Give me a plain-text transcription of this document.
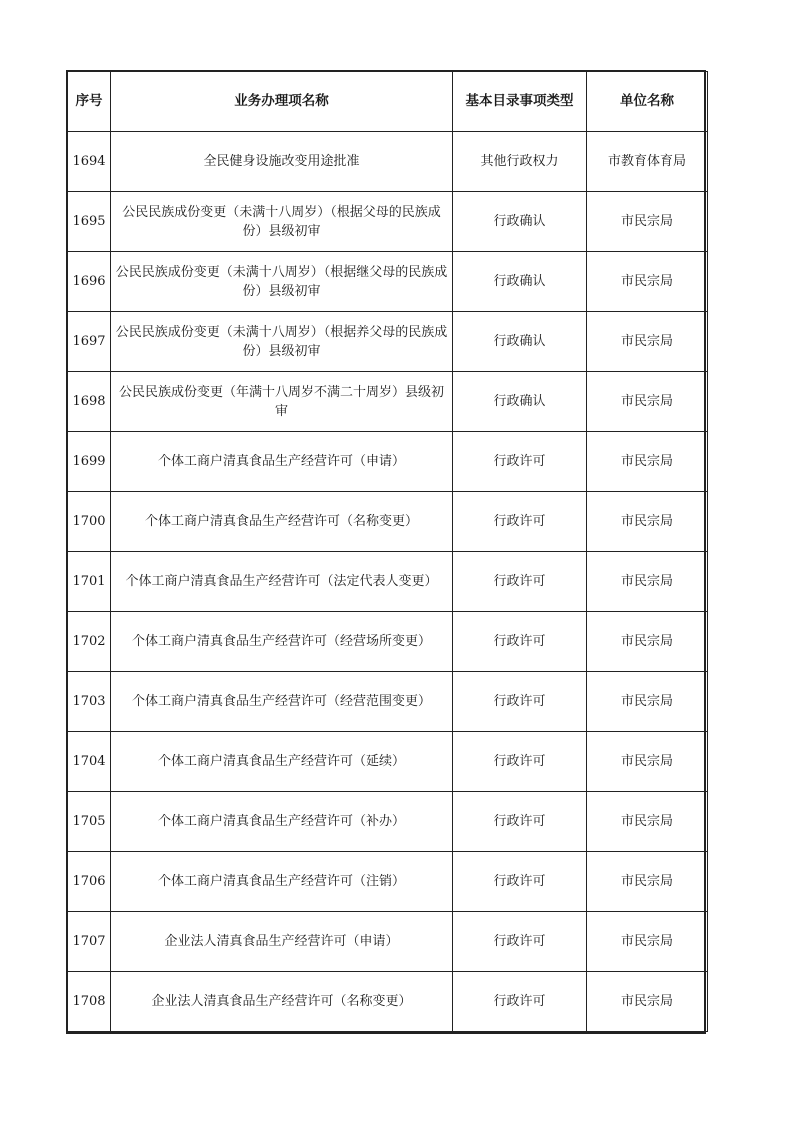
序号	业务办理项名称	基本目录事项类型	单位名称
1694	全民健身设施改变用途批准	其他行政权力	市教育体育局
1695	公民民族成份变更（未满十八周岁）（根据父母的民族成份）县级初审	行政确认	市民宗局
1696	公民民族成份变更（未满十八周岁）（根据继父母的民族成份）县级初审	行政确认	市民宗局
1697	公民民族成份变更（未满十八周岁）（根据养父母的民族成份）县级初审	行政确认	市民宗局
1698	公民民族成份变更（年满十八周岁不满二十周岁）县级初审	行政确认	市民宗局
1699	个体工商户清真食品生产经营许可（申请）	行政许可	市民宗局
1700	个体工商户清真食品生产经营许可（名称变更）	行政许可	市民宗局
1701	个体工商户清真食品生产经营许可（法定代表人变更）	行政许可	市民宗局
1702	个体工商户清真食品生产经营许可（经营场所变更）	行政许可	市民宗局
1703	个体工商户清真食品生产经营许可（经营范围变更）	行政许可	市民宗局
1704	个体工商户清真食品生产经营许可（延续）	行政许可	市民宗局
1705	个体工商户清真食品生产经营许可（补办）	行政许可	市民宗局
1706	个体工商户清真食品生产经营许可（注销）	行政许可	市民宗局
1707	企业法人清真食品生产经营许可（申请）	行政许可	市民宗局
1708	企业法人清真食品生产经营许可（名称变更）	行政许可	市民宗局
